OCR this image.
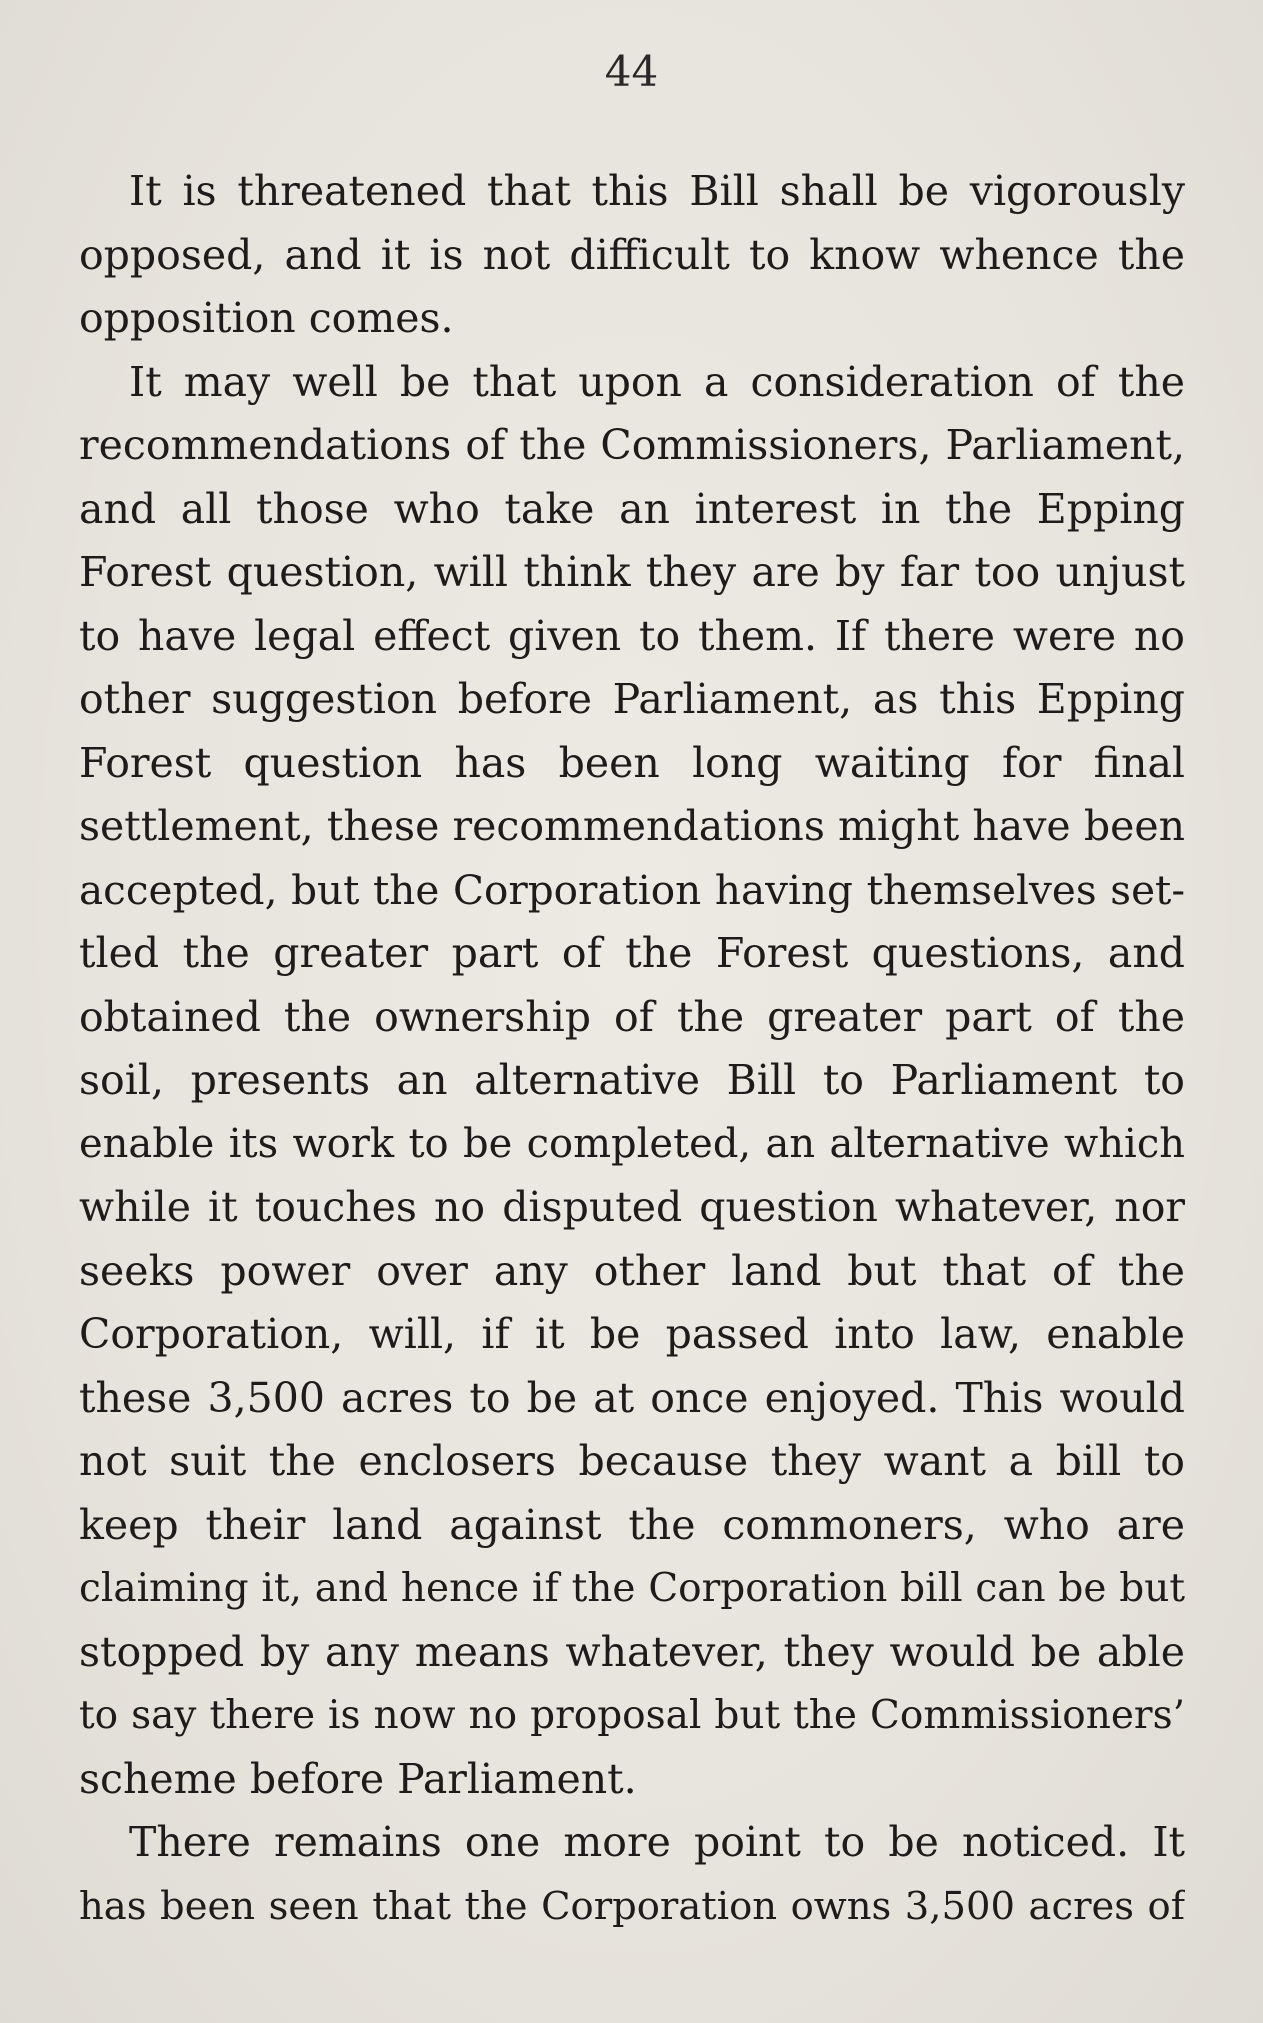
44
It is threatened that this Bill shall be vigorously
opposed, and it is not difficult to know whence the
opposition comes.
It may well be that upon a consideration of the
recommendations of the Commissioners, Parliament,
and all those who take an interest in the Epping
Forest question, will think they are by far too unjust
to have legal effect given to them. If there were no
other suggestion before Parliament, as this Epping
Forest question has been long waiting for final
settlement, these recommendations might have been
accepted, but the Corporation having themselves set-
tled the greater part of the Forest questions, and
obtained the ownership of the greater part of the
soil, presents an alternative Bill to Parliament to
enable its work to be completed, an alternative which
while it touches no disputed question whatever, nor
seeks power over any other land but that of the
Corporation, will, if it be passed into law, enable
these 3,500 acres to be at once enjoyed. This would
not suit the enclosers because they want a bill to
keep their land against the commoners, who are
claiming it, and hence if the Corporation bill can be but
stopped by any means whatever, they would be able
to say there is now no proposal but the Commissioners’
scheme before Parliament.
There remains one more point to be noticed. It
has been seen that the Corporation owns 3,500 acres of
